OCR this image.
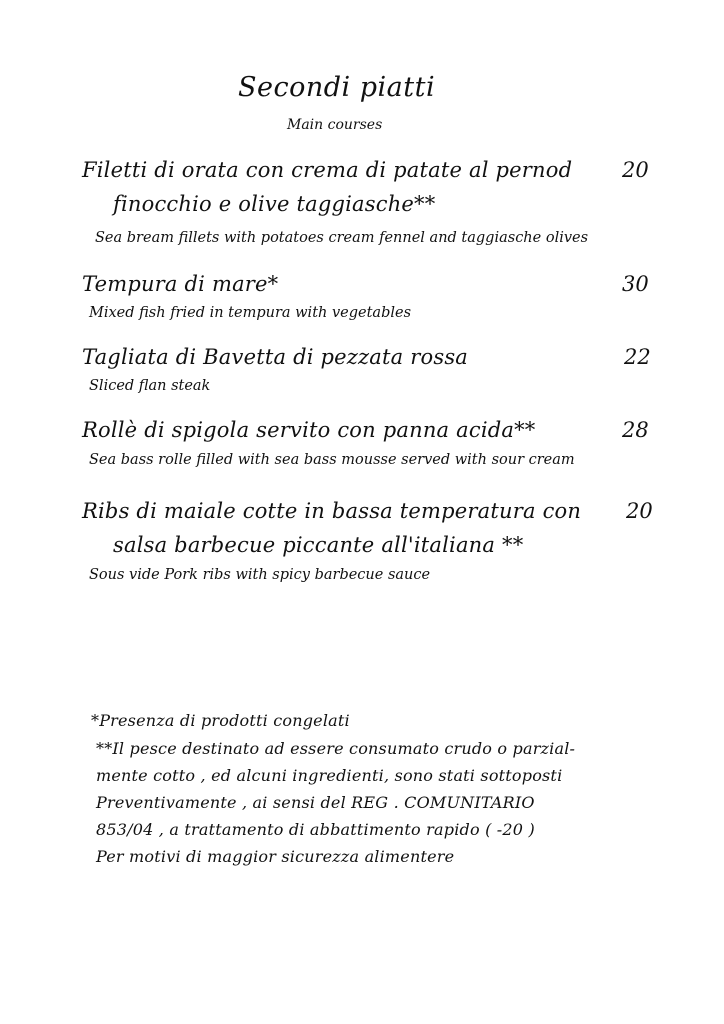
Secondi piatti
Main courses
Filetti di orata con crema di patate al pernod 20
finocchio e olive taggiasche**
Sea bream fillets with potatoes cream fennel and taggiasche olives
Tempura di mare*	30
Mixed fish fried in tempura with vegetables
Tagliata di Bavetta di pezzata rossa	22
Sliced flan steak
Rollè di spigola servito con panna acida**	28
Sea bass rolle filled with sea bass mousse served with sour cream
Ribs di maiale cotte in bassa temperatura con 20
salsa barbecue piccante all'italiana **
Sous vide Pork ribs with spicy barbecue sauce
*Presenza di prodotti congelati
**Il pesce destinato ad essere consumato crudo o parzial-
mente cotto , ed alcuni ingredienti, sono stati sottoposti
Preventivamente , ai sensi del REG . COMUNITARIO
853/04 , a trattamento di abbattimento rapido ( -20 )
Per motivi di maggior sicurezza alimentere
